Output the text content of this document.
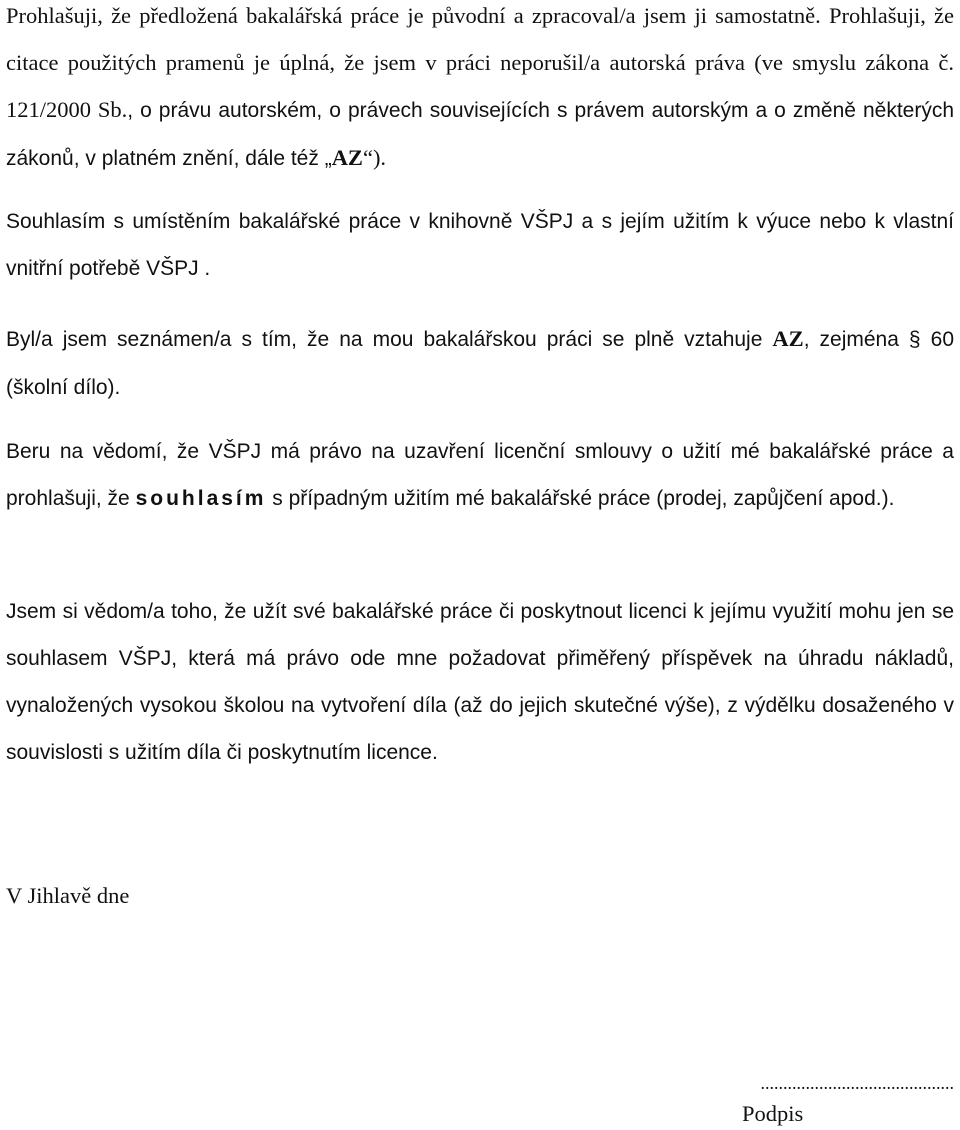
Prohlašuji, že předložená bakalářská práce je původní a zpracoval/a jsem ji samostatně. Prohlašuji, že citace použitých pramenů je úplná, že jsem v práci neporušil/a autorská práva (ve smyslu zákona č. 121/2000 Sb., o právu autorském, o právech souvisejících s právem autorským a o změně některých zákonů, v platném znění, dále též „AZ“).

Souhlasím s umístěním bakalářské práce v knihovně VŠPJ a s jejím užitím k výuce nebo k vlastní vnitřní potřebě VŠPJ .

Byl/a jsem seznámen/a s tím, že na mou bakalářskou práci se plně vztahuje AZ, zejména § 60 (školní dílo).

Beru na vědomí, že VŠPJ má právo na uzavření licenční smlouvy o užití mé bakalářské práce a prohlašuji, že souhlasím s případným užitím mé bakalářské práce (prodej, zapůjčení apod.).

Jsem si vědom/a toho, že užít své bakalářské práce či poskytnout licenci k jejímu využití mohu jen se souhlasem VŠPJ, která má právo ode mne požadovat přiměřený příspěvek na úhradu nákladů, vynaložených vysokou školou na vytvoření díla (až do jejich skutečné výše), z výdělku dosaženého v souvislosti s užitím díla či poskytnutím licence.

V Jihlavě dne
...........................................
Podpis
